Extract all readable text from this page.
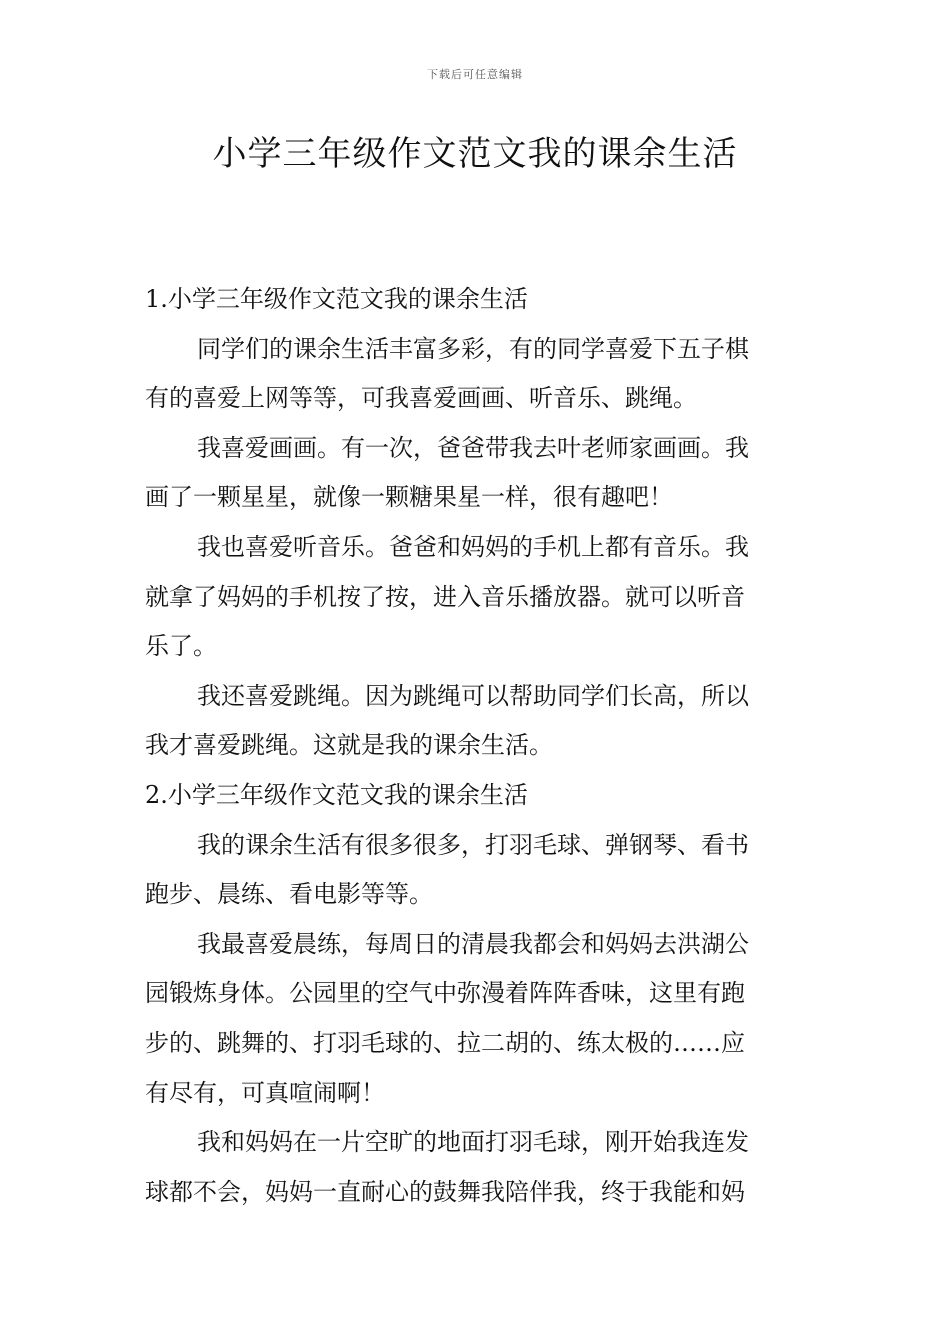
下载后可任意编辑
小学三年级作文范文我的课余生活
1.小学三年级作文范文我的课余生活
同学们的课余生活丰富多彩，有的同学喜爱下五子棋
有的喜爱上网等等，可我喜爱画画、听音乐、跳绳。
我喜爱画画。有一次，爸爸带我去叶老师家画画。我
画了一颗星星，就像一颗糖果星一样，很有趣吧！
我也喜爱听音乐。爸爸和妈妈的手机上都有音乐。我
就拿了妈妈的手机按了按，进入音乐播放器。就可以听音
乐了。
我还喜爱跳绳。因为跳绳可以帮助同学们长高，所以
我才喜爱跳绳。这就是我的课余生活。
2.小学三年级作文范文我的课余生活
我的课余生活有很多很多，打羽毛球、弹钢琴、看书
跑步、晨练、看电影等等。
我最喜爱晨练，每周日的清晨我都会和妈妈去洪湖公
园锻炼身体。公园里的空气中弥漫着阵阵香味，这里有跑
步的、跳舞的、打羽毛球的、拉二胡的、练太极的……应
有尽有，可真喧闹啊！
我和妈妈在一片空旷的地面打羽毛球，刚开始我连发
球都不会，妈妈一直耐心的鼓舞我陪伴我，终于我能和妈
